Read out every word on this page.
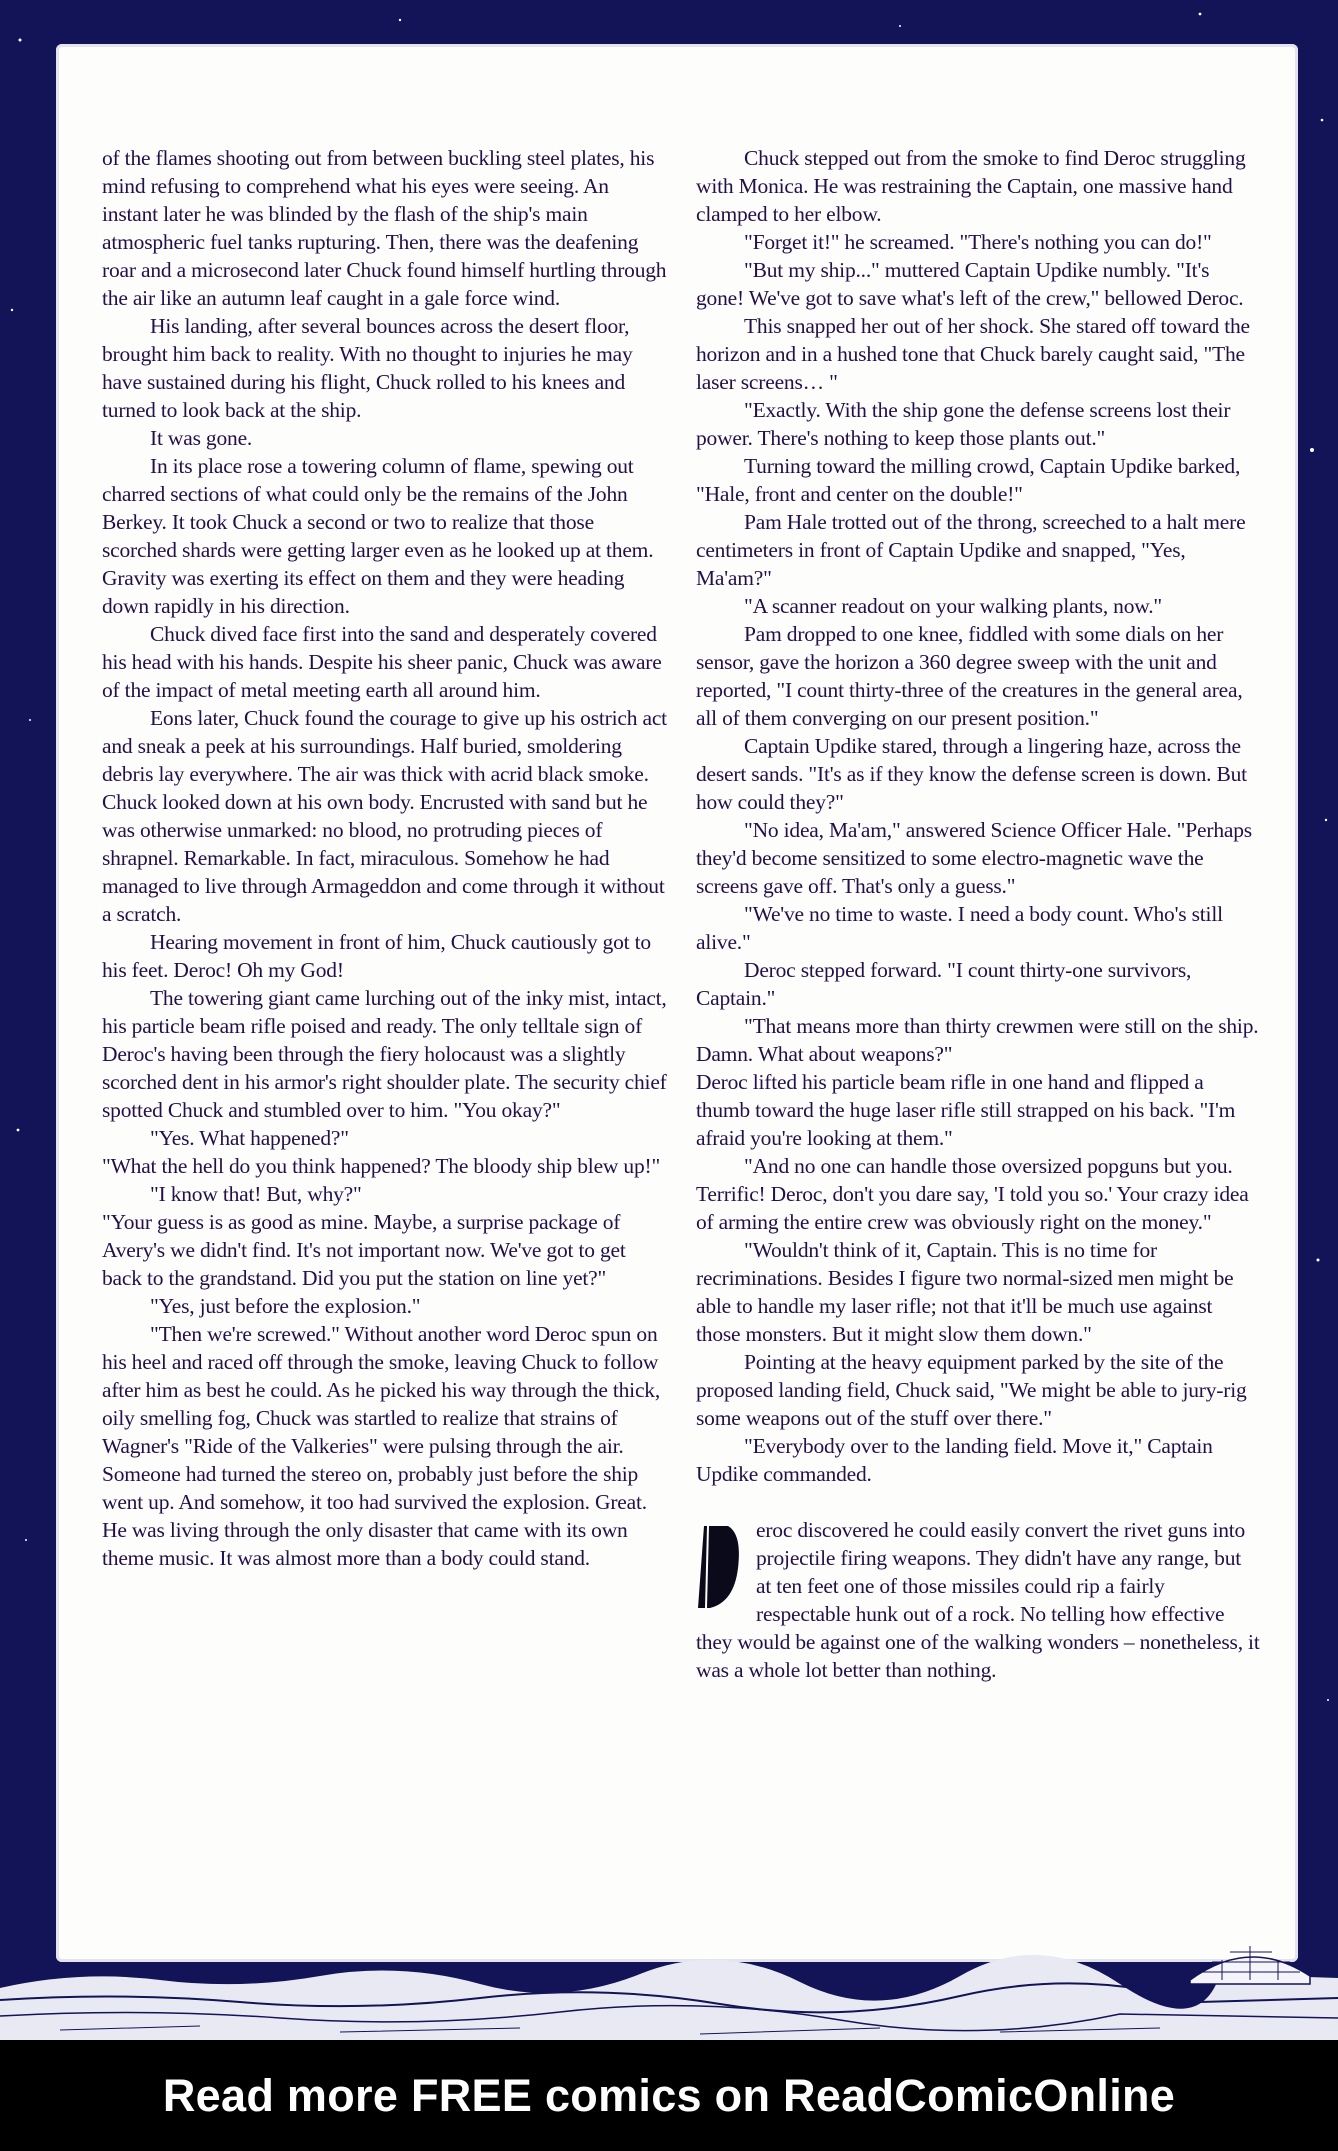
of the flames shooting out from between buckling steel plates, his mind refusing to comprehend what his eyes were seeing. An instant later he was blinded by the flash of the ship's main atmospheric fuel tanks rupturing. Then, there was the deafening roar and a microsecond later Chuck found himself hurtling through the air like an autumn leaf caught in a gale force wind.

His landing, after several bounces across the desert floor, brought him back to reality. With no thought to injuries he may have sustained during his flight, Chuck rolled to his knees and turned to look back at the ship.

It was gone.

In its place rose a towering column of flame, spewing out charred sections of what could only be the remains of the John Berkey. It took Chuck a second or two to realize that those scorched shards were getting larger even as he looked up at them. Gravity was exerting its effect on them and they were heading down rapidly in his direction.

Chuck dived face first into the sand and desperately covered his head with his hands. Despite his sheer panic, Chuck was aware of the impact of metal meeting earth all around him.

Eons later, Chuck found the courage to give up his ostrich act and sneak a peek at his surroundings. Half buried, smoldering debris lay everywhere. The air was thick with acrid black smoke. Chuck looked down at his own body. Encrusted with sand but he was otherwise unmarked: no blood, no protruding pieces of shrapnel. Remarkable. In fact, miraculous. Somehow he had managed to live through Armageddon and come through it without a scratch.

Hearing movement in front of him, Chuck cautiously got to his feet. Deroc! Oh my God!

The towering giant came lurching out of the inky mist, intact, his particle beam rifle poised and ready. The only telltale sign of Deroc's having been through the fiery holocaust was a slightly scorched dent in his armor's right shoulder plate. The security chief spotted Chuck and stumbled over to him. "You okay?"

"Yes. What happened?"

"What the hell do you think happened? The bloody ship blew up!"

"I know that! But, why?"

"Your guess is as good as mine. Maybe, a surprise package of Avery's we didn't find. It's not important now. We've got to get back to the grandstand. Did you put the station on line yet?"

"Yes, just before the explosion."

"Then we're screwed." Without another word Deroc spun on his heel and raced off through the smoke, leaving Chuck to follow after him as best he could. As he picked his way through the thick, oily smelling fog, Chuck was startled to realize that strains of Wagner's "Ride of the Valkeries" were pulsing through the air. Someone had turned the stereo on, probably just before the ship went up. And somehow, it too had survived the explosion. Great. He was living through the only disaster that came with its own theme music. It was almost more than a body could stand.

Chuck stepped out from the smoke to find Deroc struggling with Monica. He was restraining the Captain, one massive hand clamped to her elbow.

"Forget it!" he screamed. "There's nothing you can do!"

"But my ship..." muttered Captain Updike numbly. "It's gone! We've got to save what's left of the crew," bellowed Deroc.

This snapped her out of her shock. She stared off toward the horizon and in a hushed tone that Chuck barely caught said, "The laser screens… "

"Exactly. With the ship gone the defense screens lost their power. There's nothing to keep those plants out."

Turning toward the milling crowd, Captain Updike barked, "Hale, front and center on the double!"

Pam Hale trotted out of the throng, screeched to a halt mere centimeters in front of Captain Updike and snapped, "Yes, Ma'am?"

"A scanner readout on your walking plants, now."

Pam dropped to one knee, fiddled with some dials on her sensor, gave the horizon a 360 degree sweep with the unit and reported, "I count thirty-three of the creatures in the general area, all of them converging on our present position."

Captain Updike stared, through a lingering haze, across the desert sands. "It's as if they know the defense screen is down. But how could they?"

"No idea, Ma'am," answered Science Officer Hale. "Perhaps they'd become sensitized to some electro-magnetic wave the screens gave off. That's only a guess."

"We've no time to waste. I need a body count. Who's still alive."

Deroc stepped forward. "I count thirty-one survivors, Captain."

"That means more than thirty crewmen were still on the ship. Damn. What about weapons?"

Deroc lifted his particle beam rifle in one hand and flipped a thumb toward the huge laser rifle still strapped on his back. "I'm afraid you're looking at them."

"And no one can handle those oversized popguns but you. Terrific! Deroc, don't you dare say, 'I told you so.' Your crazy idea of arming the entire crew was obviously right on the money."

"Wouldn't think of it, Captain. This is no time for recriminations. Besides I figure two normal-sized men might be able to handle my laser rifle; not that it'll be much use against those monsters. But it might slow them down."

Pointing at the heavy equipment parked by the site of the proposed landing field, Chuck said, "We might be able to jury-rig some weapons out of the stuff over there."

"Everybody over to the landing field. Move it," Captain Updike commanded.

eroc discovered he could easily convert the rivet guns into projectile firing weapons. They didn't have any range, but at ten feet one of those missiles could rip a fairly respectable hunk out of a rock. No telling how effective they would be against one of the walking wonders – nonetheless, it was a whole lot better than nothing.

Read more FREE comics on ReadComicOnline
